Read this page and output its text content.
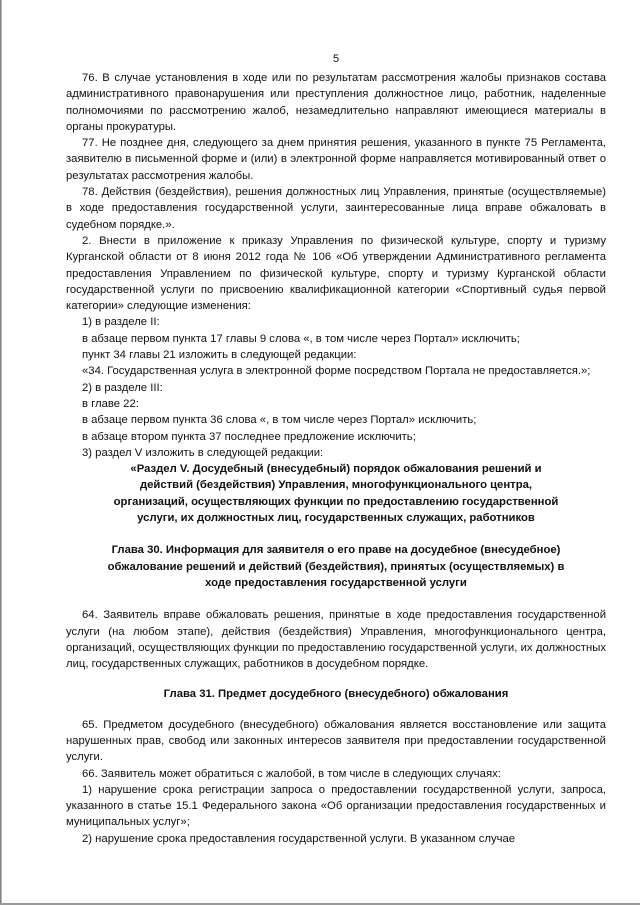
5

76. В случае установления в ходе или по результатам рассмотрения жалобы признаков состава административного правонарушения или преступления должностное лицо, работник, наделенные полномочиями по рассмотрению жалоб, незамедлительно направляют имеющиеся материалы в органы прокуратуры.

77. Не позднее дня, следующего за днем принятия решения, указанного в пункте 75 Регламента, заявителю в письменной форме и (или) в электронной форме направляется мотивированный ответ о результатах рассмотрения жалобы.

78. Действия (бездействия), решения должностных лиц Управления, принятые (осуществляемые) в ходе предоставления государственной услуги, заинтересованные лица вправе обжаловать в судебном порядке.».

2. Внести в приложение к приказу Управления по физической культуре, спорту и туризму Курганской области от 8 июня 2012 года № 106 «Об утверждении Административного регламента предоставления Управлением по физической культуре, спорту и туризму Курганской области государственной услуги по присвоению квалификационной категории «Спортивный судья первой категории» следующие изменения:

1) в разделе II:

в абзаце первом пункта 17 главы 9 слова «, в том числе через Портал» исключить;

пункт 34 главы 21 изложить в следующей редакции:

«34. Государственная услуга в электронной форме посредством Портала не предоставляется.»;

2) в разделе III:

в главе 22:

в абзаце первом пункта 36 слова «, в том числе через Портал» исключить;

в абзаце втором пункта 37 последнее предложение исключить;

3) раздел V изложить в следующей редакции:

«Раздел V. Досудебный (внесудебный) порядок обжалования решений и

действий (бездействия) Управления, многофункционального центра,

организаций, осуществляющих функции по предоставлению государственной

услуги, их должностных лиц, государственных служащих, работников

Глава 30. Информация для заявителя о его праве на досудебное (внесудебное)

обжалование решений и действий (бездействия), принятых (осуществляемых) в

ходе предоставления государственной услуги

64. Заявитель вправе обжаловать решения, принятые в ходе предоставления государственной услуги (на любом этапе), действия (бездействия) Управления, многофункционального центра, организаций, осуществляющих функции по предоставлению государственной услуги, их должностных лиц, государственных служащих, работников в досудебном порядке.

Глава 31. Предмет досудебного (внесудебного) обжалования

65. Предметом досудебного (внесудебного) обжалования является восстановление или защита нарушенных прав, свобод или законных интересов заявителя при предоставлении государственной услуги.

66. Заявитель может обратиться с жалобой, в том числе в следующих случаях:

1) нарушение срока регистрации запроса о предоставлении государственной услуги, запроса, указанного в статье 15.1 Федерального закона «Об организации предоставления государственных и муниципальных услуг»;

2) нарушение срока предоставления государственной услуги. В указанном случае
